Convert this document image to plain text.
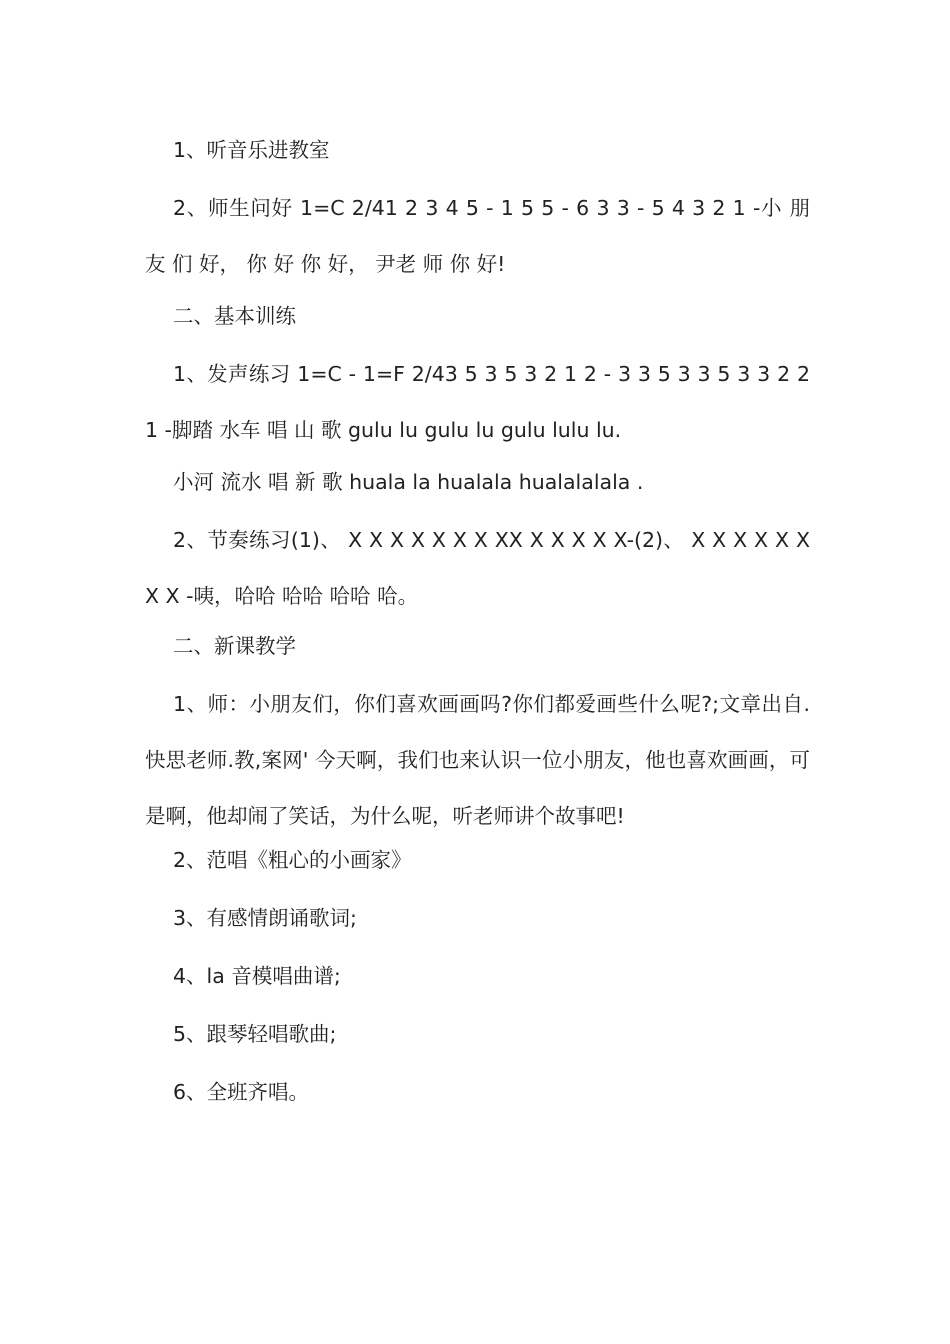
1、听音乐进教室

2、师生问好 1=C 2/41 2 3 4 5 - 1 5 5 - 6 3 3 - 5 4 3 2 1 -小 朋 友 们 好， 你 好 你 好， 尹老 师 你 好!

二、基本训练

1、发声练习 1=C - 1=F 2/43 5 3 5 3 2 1 2 - 3 3 5 3 3 5 3 3 2 2 1 -脚踏 水车 唱 山 歌 gulu lu gulu lu gulu lulu lu.

小河 流水 唱 新 歌 huala la hualala hualalalala .

2、节奏练习(1)、 X X X X X X X XX X X X X X-(2)、 X X X X X X X X -咦，哈哈 哈哈 哈哈 哈。

二、新课教学

1、师：小朋友们，你们喜欢画画吗?你们都爱画些什么呢?;文章出自.快思老师.教,案网' 今天啊，我们也来认识一位小朋友，他也喜欢画画，可是啊，他却闹了笑话，为什么呢，听老师讲个故事吧!

2、范唱《粗心的小画家》

3、有感情朗诵歌词;

4、la 音模唱曲谱;

5、跟琴轻唱歌曲;

6、全班齐唱。
